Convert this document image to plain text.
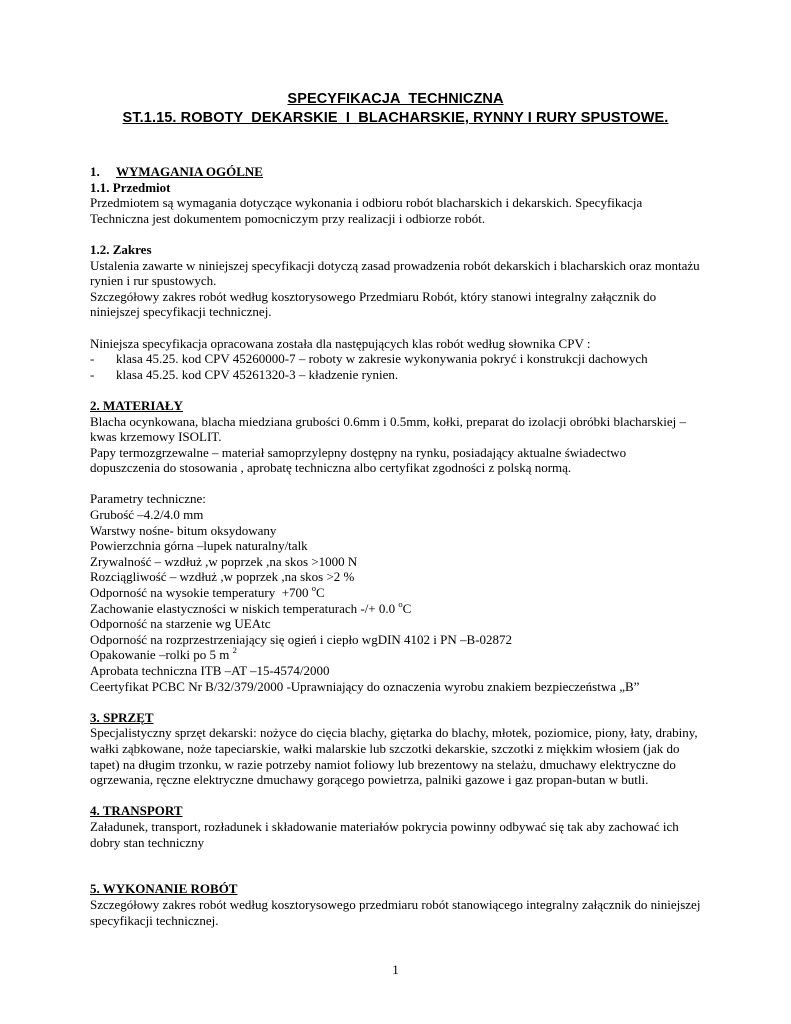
SPECYFIKACJA  TECHNICZNA
ST.1.15. ROBOTY  DEKARSKIE  I  BLACHARSKIE, RYNNY I RURY SPUSTOWE.
1. WYMAGANIA OGÓLNE
1.1. Przedmiot
Przedmiotem są wymagania dotyczące wykonania i odbioru robót blacharskich i dekarskich. Specyfikacja
Techniczna jest dokumentem pomocniczym przy realizacji i odbiorze robót.
1.2. Zakres
Ustalenia zawarte w niniejszej specyfikacji dotyczą zasad prowadzenia robót dekarskich i blacharskich oraz montażu
rynien i rur spustowych.
Szczegółowy zakres robót według kosztorysowego Przedmiaru Robót, który stanowi integralny załącznik do
niniejszej specyfikacji technicznej.
Niniejsza specyfikacja opracowana została dla następujących klas robót według słownika CPV :
- klasa 45.25. kod CPV 45260000-7 – roboty w zakresie wykonywania pokryć i konstrukcji dachowych
- klasa 45.25. kod CPV 45261320-3 – kładzenie rynien.
2. MATERIAŁY
Blacha ocynkowana, blacha miedziana grubości 0.6mm i 0.5mm, kołki, preparat do izolacji obróbki blacharskiej –
kwas krzemowy ISOLIT.
Papy termozgrzewalne – materiał samoprzylepny dostępny na rynku, posiadający aktualne świadectwo
dopuszczenia do stosowania , aprobatę techniczna albo certyfikat zgodności z polską normą.
Parametry techniczne:
Grubość –4.2/4.0 mm
Warstwy nośne- bitum oksydowany
Powierzchnia górna –lupek naturalny/talk
Zrywalność – wzdłuż ,w poprzek ,na skos >1000 N
Rozciągliwość – wzdłuż ,w poprzek ,na skos >2 %
Odporność na wysokie temperatury  +700 $^o$C
Zachowanie elastyczności w niskich temperaturach -/+ 0.0 $^o$C
Odporność na starzenie wg UEAtc
Odporność na rozprzestrzeniający się ogień i ciepło wgDIN 4102 i PN –B-02872
Opakowanie –rolki po 5 m $^2$
Aprobata techniczna ITB –AT –15-4574/2000
Ceertyfikat PCBC Nr B/32/379/2000 -Uprawniający do oznaczenia wyrobu znakiem bezpieczeństwa „B”
3. SPRZĘT
Specjalistyczny sprzęt dekarski: nożyce do cięcia blachy, giętarka do blachy, młotek, poziomice, piony, łaty, drabiny,
wałki ząbkowane, noże tapeciarskie, wałki malarskie lub szczotki dekarskie, szczotki z miękkim włosiem (jak do
tapet) na długim trzonku, w razie potrzeby namiot foliowy lub brezentowy na stelażu, dmuchawy elektryczne do
ogrzewania, ręczne elektryczne dmuchawy gorącego powietrza, palniki gazowe i gaz propan-butan w butli.
4. TRANSPORT
Załadunek, transport, rozładunek i składowanie materiałów pokrycia powinny odbywać się tak aby zachować ich
dobry stan techniczny
5. WYKONANIE ROBÓT
Szczegółowy zakres robót według kosztorysowego przedmiaru robót stanowiącego integralny załącznik do niniejszej
specyfikacji technicznej.
1
